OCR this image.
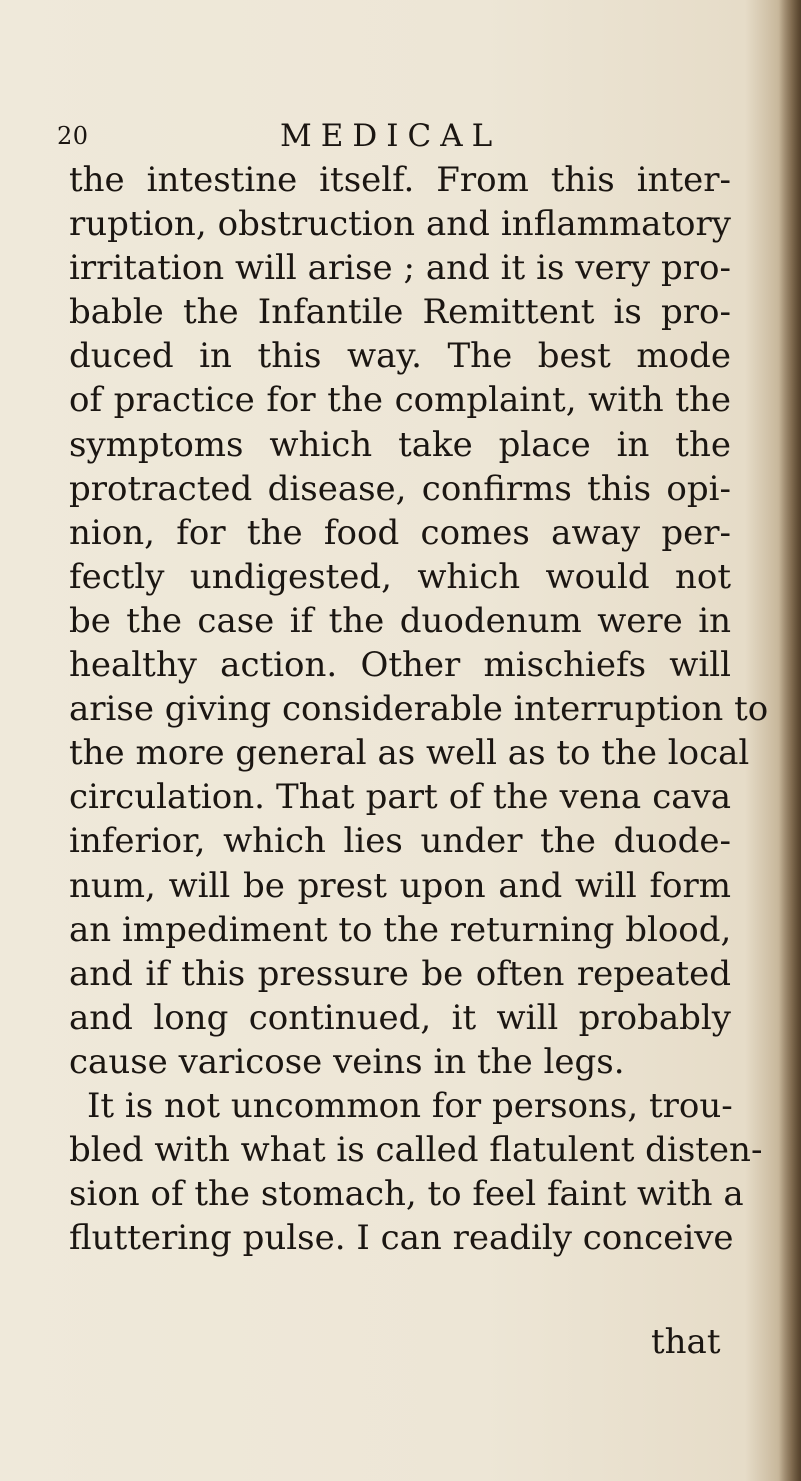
20	MEDICAL
the intestine itself. From this inter-
ruption, obstruction and inflammatory
irritation will arise ; and it is very pro-
bable the Infantile Remittent is pro-
duced in this way. The best mode
of practice for the complaint, with the
symptoms which take place in the
protracted disease, confirms this opi-
nion, for the food comes away per-
fectly undigested, which would not
be the case if the duodenum were in
healthy action. Other mischiefs will
arise giving considerable interruption to
the more general as well as to the local
circulation. That part of the vena cava
inferior, which lies under the duode-
num, will be prest upon and will form
an impediment to the returning blood,
and if this pressure be often repeated
and long continued, it will probably
cause varicose veins in the legs.
It is not uncommon for persons, trou-
bled with what is called flatulent disten-
sion of the stomach, to feel faint with a
fluttering pulse. I can readily conceive
that
